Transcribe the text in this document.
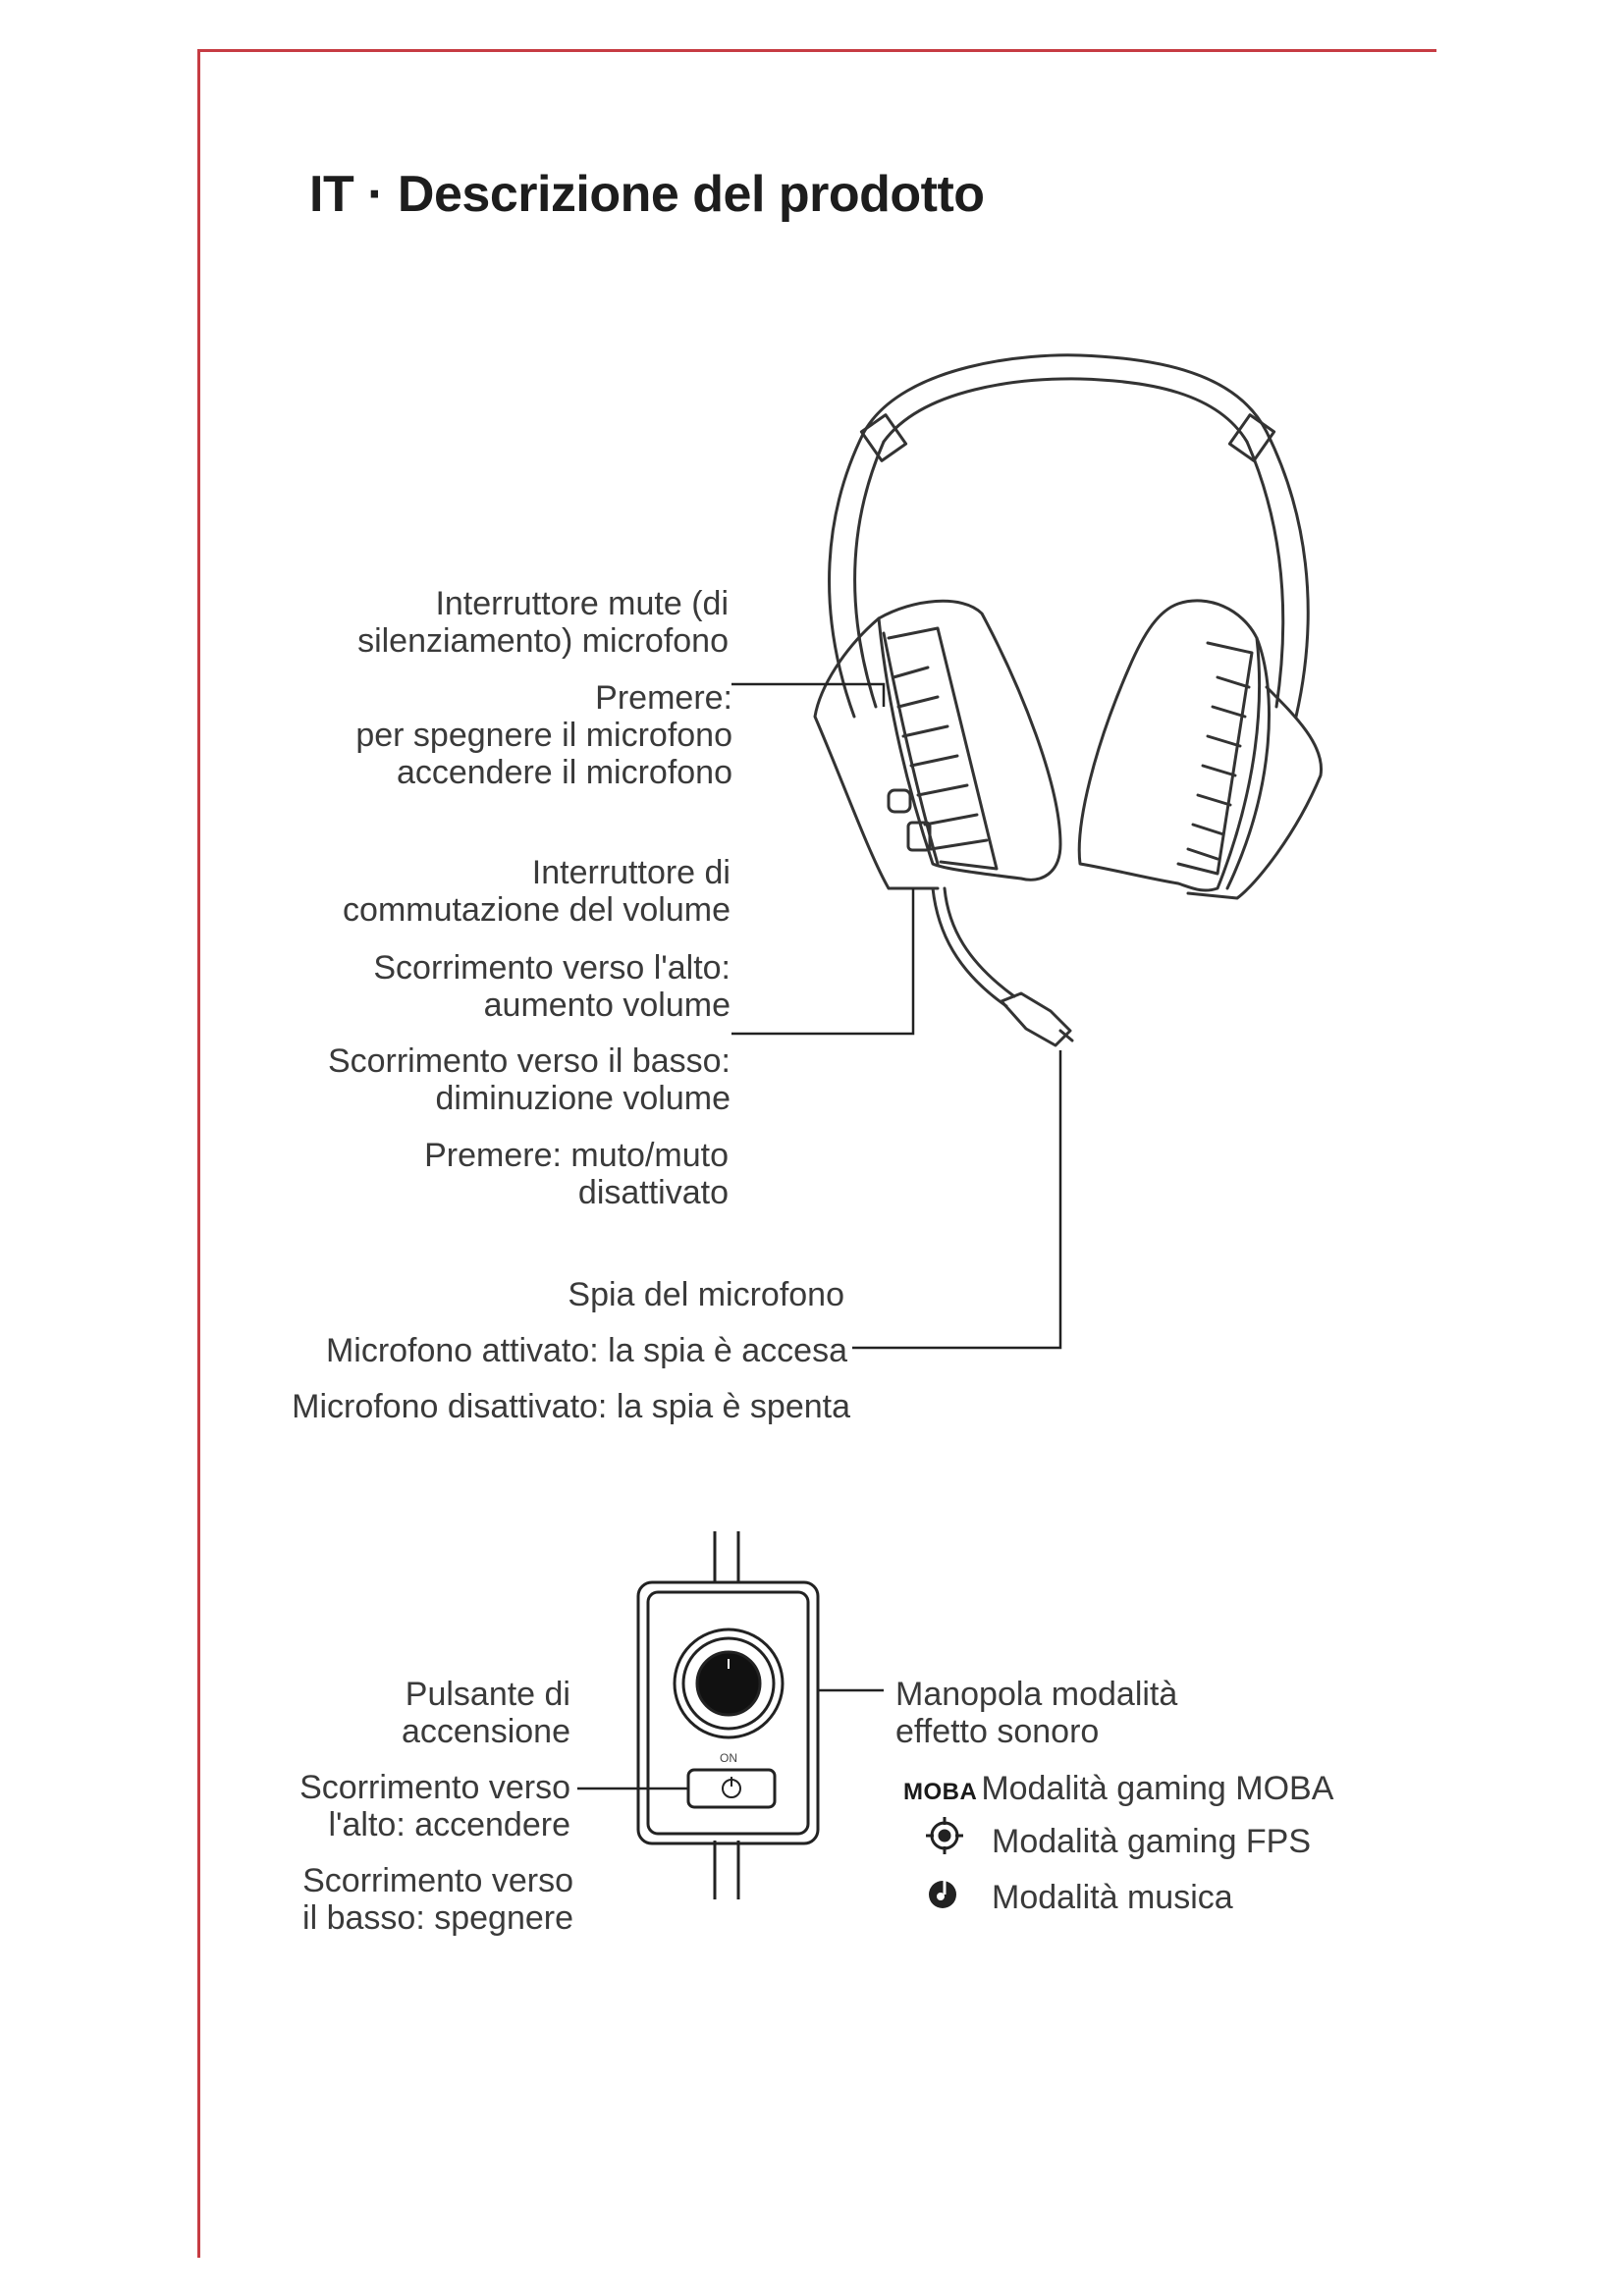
IT · Descrizione del prodotto
ON
Interruttore mute (di
silenziamento) microfono
Premere:
per spegnere il microfono
accendere il microfono
Interruttore di
commutazione del volume
Scorrimento verso l'alto:
aumento volume
Scorrimento verso il basso:
diminuzione volume
Premere: muto/muto
disattivato
Spia del microfono
Microfono attivato: la spia è accesa
Microfono disattivato: la spia è spenta
Pulsante di
accensione
Scorrimento verso
l'alto: accendere
Scorrimento verso
il basso: spegnere
Manopola modalità
effetto sonoro
MOBA Modalità gaming MOBA
Modalità gaming FPS
Modalità musica
